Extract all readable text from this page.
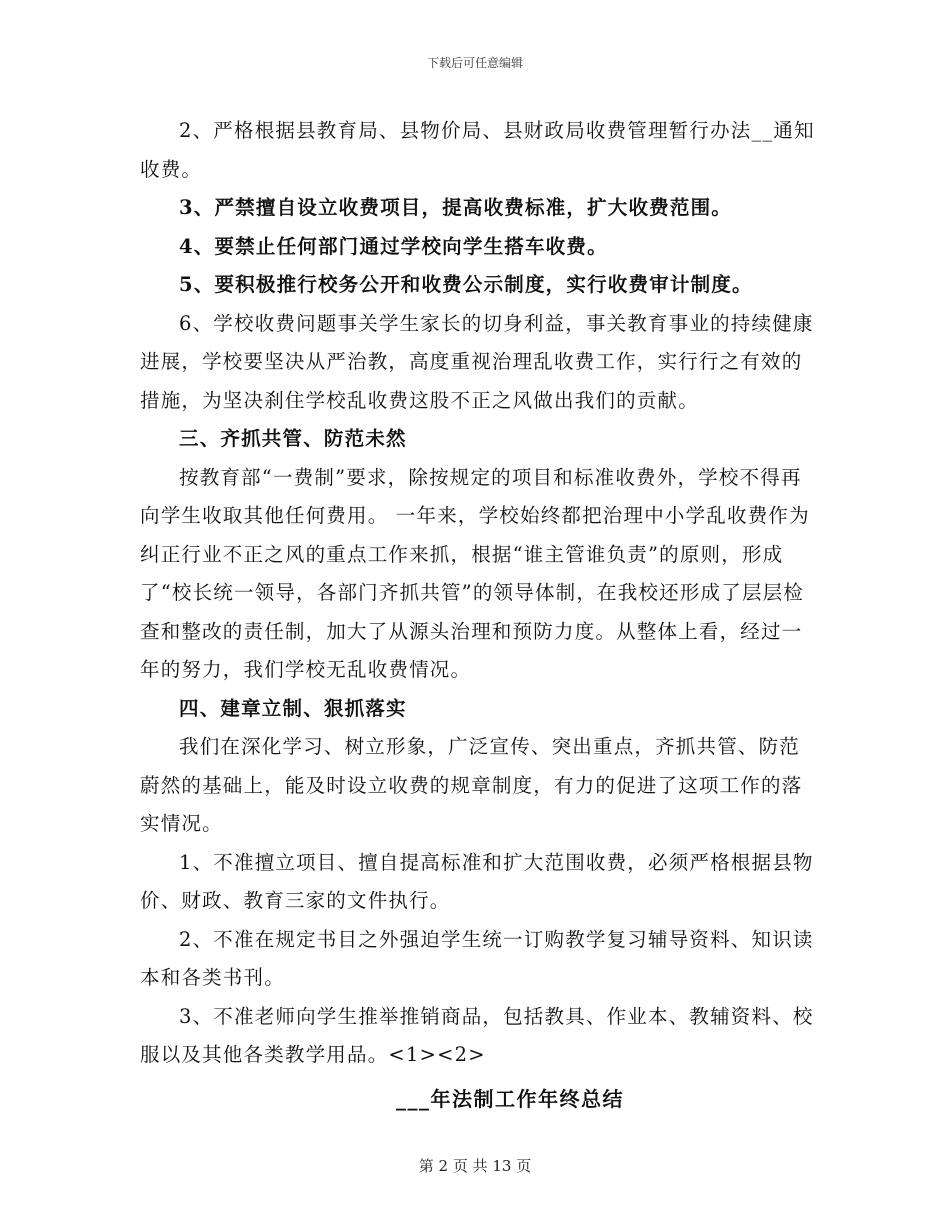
下载后可任意编辑

2、严格根据县教育局、县物价局、县财政局收费管理暂行办法__通知收费。

3、严禁擅自设立收费项目，提高收费标准，扩大收费范围。

4、要禁止任何部门通过学校向学生搭车收费。

5、要积极推行校务公开和收费公示制度，实行收费审计制度。

6、学校收费问题事关学生家长的切身利益，事关教育事业的持续健康进展，学校要坚决从严治教，高度重视治理乱收费工作，实行行之有效的措施，为坚决刹住学校乱收费这股不正之风做出我们的贡献。

三、齐抓共管、防范未然

按教育部“一费制”要求，除按规定的项目和标准收费外，学校不得再向学生收取其他任何费用。 一年来，学校始终都把治理中小学乱收费作为纠正行业不正之风的重点工作来抓，根据“谁主管谁负责”的原则，形成了“校长统一领导，各部门齐抓共管”的领导体制，在我校还形成了层层检查和整改的责任制，加大了从源头治理和预防力度。从整体上看，经过一年的努力，我们学校无乱收费情况。

四、建章立制、狠抓落实

我们在深化学习、树立形象，广泛宣传、突出重点，齐抓共管、防范蔚然的基础上，能及时设立收费的规章制度，有力的促进了这项工作的落实情况。

1、不准擅立项目、擅自提高标准和扩大范围收费，必须严格根据县物价、财政、教育三家的文件执行。

2、不准在规定书目之外强迫学生统一订购教学复习辅导资料、知识读本和各类书刊。

3、不准老师向学生推举推销商品，包括教具、作业本、教辅资料、校服以及其他各类教学用品。<1><2>

___年法制工作年终总结
第 2 页 共 13 页
